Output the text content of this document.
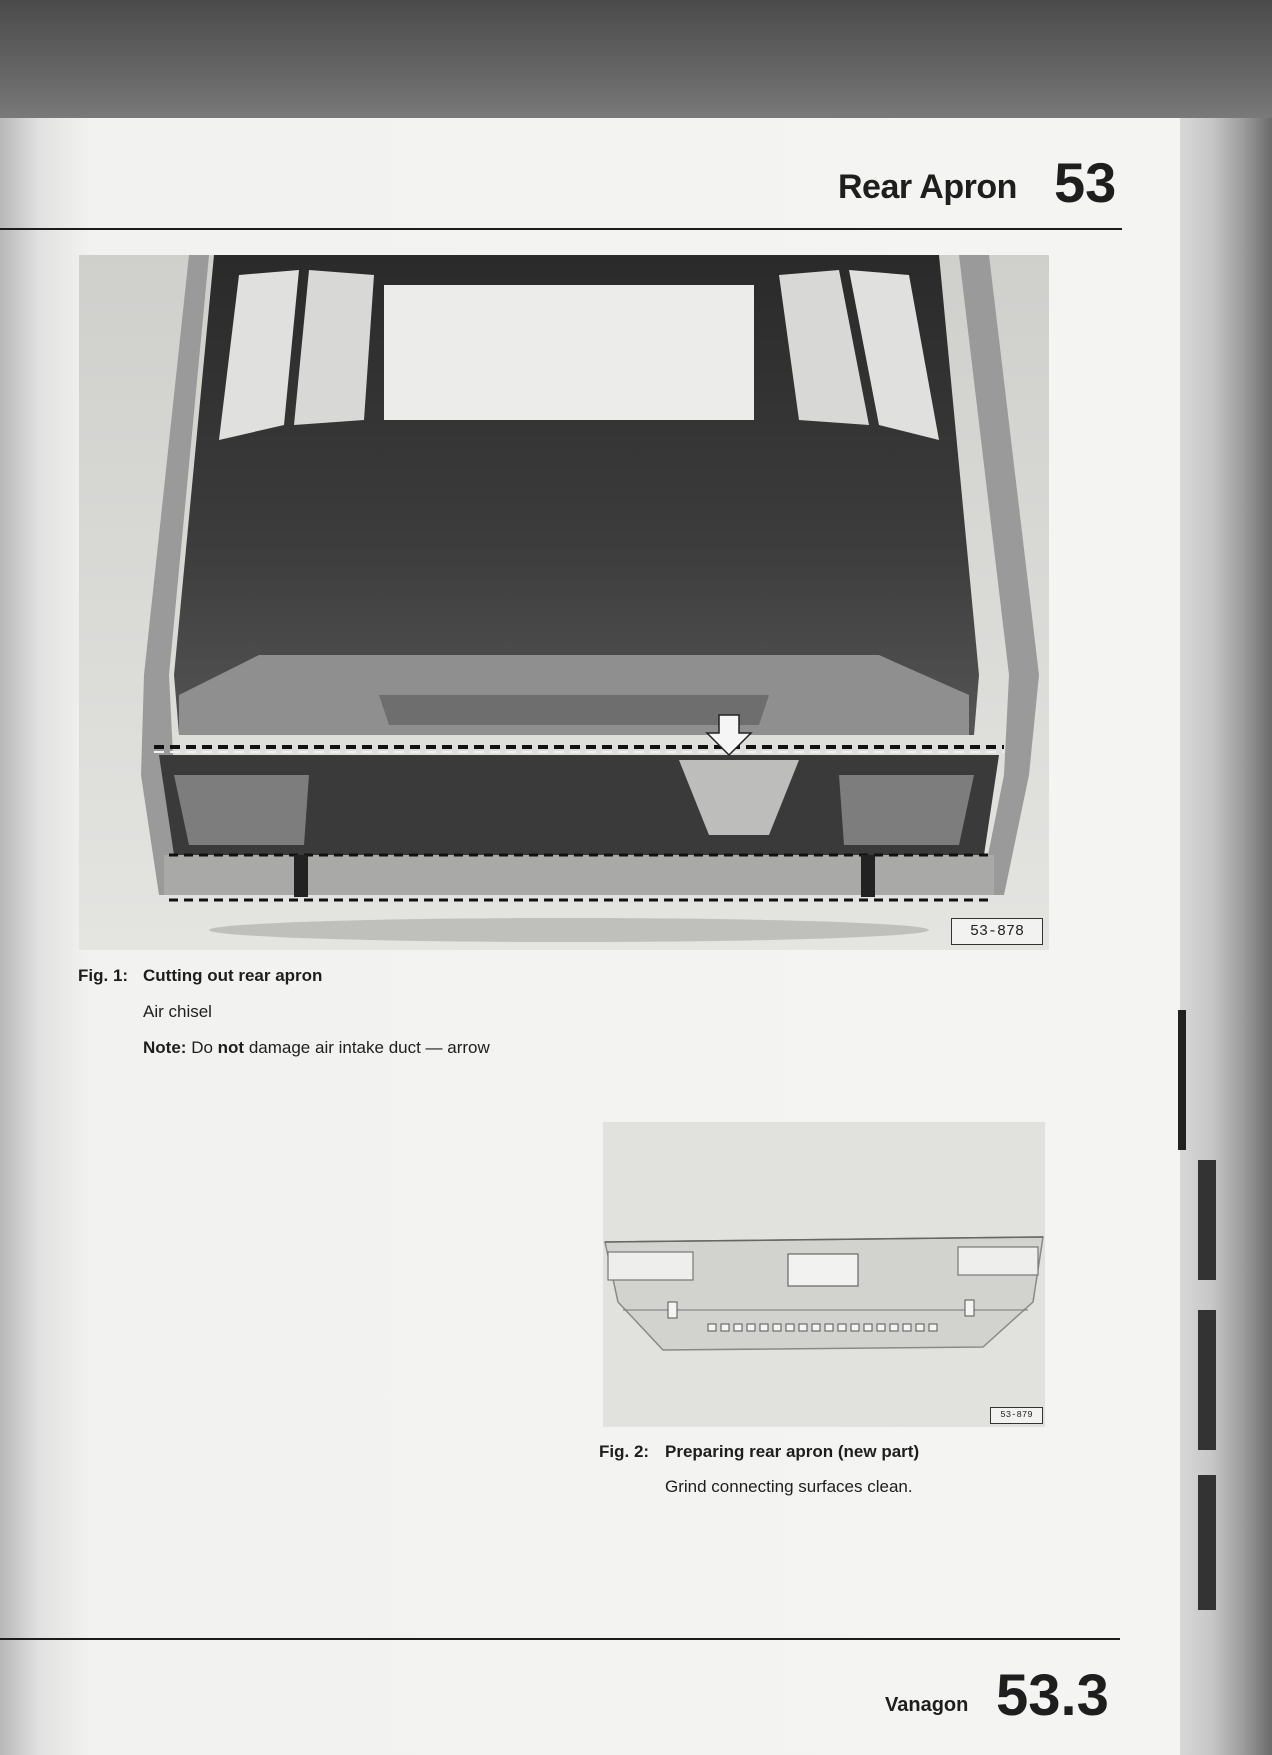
Rear Apron 53
53-878
Fig. 1: Cutting out rear apron
Air chisel
Note: Do not damage air intake duct — arrow
53-879
Fig. 2: Preparing rear apron (new part)
Grind connecting surfaces clean.
Vanagon 53.3
